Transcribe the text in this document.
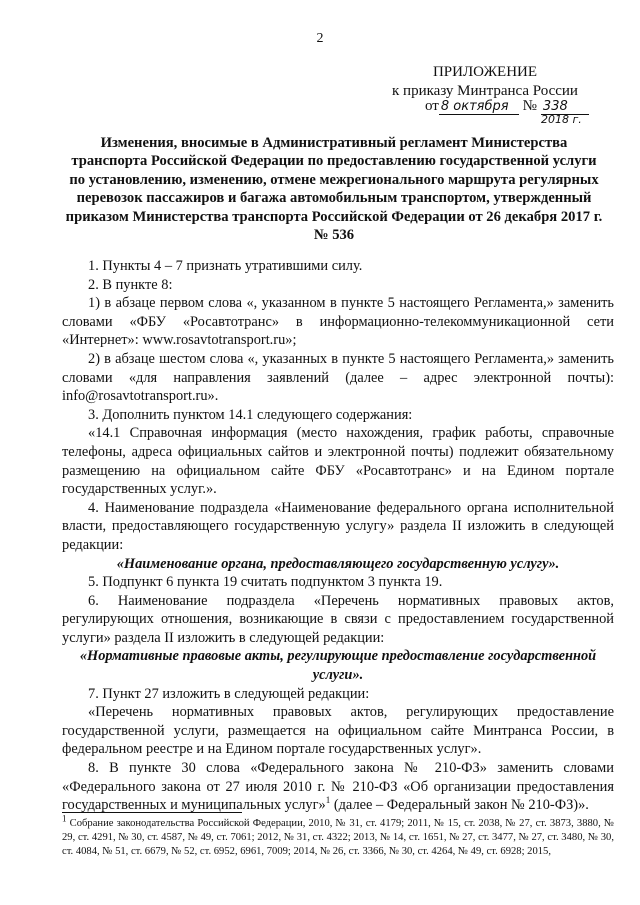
2
ПРИЛОЖЕНИЕ
к приказу Минтранса России
от 8 октября № 338
2018 г.
Изменения, вносимые в Административный регламент Министерства транспорта Российской Федерации по предоставлению государственной услуги по установлению, изменению, отмене межрегионального маршрута регулярных перевозок пассажиров и багажа автомобильным транспортом, утвержденный приказом Министерства транспорта Российской Федерации от 26 декабря 2017 г. № 536

1. Пункты 4 – 7 признать утратившими силу.

2. В пункте 8:

1) в абзаце первом слова «, указанном в пункте 5 настоящего Регламента,» заменить словами «ФБУ «Росавтотранс» в информационно-телекоммуникационной сети «Интернет»: www.rosavtotransport.ru»;

2) в абзаце шестом слова «, указанных в пункте 5 настоящего Регламента,» заменить словами «для направления заявлений (далее – адрес электронной почты): info@rosavtotransport.ru».

3. Дополнить пунктом 14.1 следующего содержания:

«14.1 Справочная информация (место нахождения, график работы, справочные телефоны, адреса официальных сайтов и электронной почты) подлежит обязательному размещению на официальном сайте ФБУ «Росавтотранс» и на Едином портале государственных услуг.».

4. Наименование подраздела «Наименование федерального органа исполнительной власти, предоставляющего государственную услугу» раздела II изложить в следующей редакции:

«Наименование органа, предоставляющего государственную услугу».

5. Подпункт 6 пункта 19 считать подпунктом 3 пункта 19.

6. Наименование подраздела «Перечень нормативных правовых актов, регулирующих отношения, возникающие в связи с предоставлением государственной услуги» раздела II изложить в следующей редакции:

«Нормативные правовые акты, регулирующие предоставление государственной услуги».

7. Пункт 27 изложить в следующей редакции:

«Перечень нормативных правовых актов, регулирующих предоставление государственной услуги, размещается на официальном сайте Минтранса России, в федеральном реестре и на Едином портале государственных услуг».

8. В пункте 30 слова «Федерального закона № 210-ФЗ» заменить словами «Федерального закона от 27 июля 2010 г. № 210-ФЗ «Об организации предоставления государственных и муниципальных услуг»$^1$ (далее – Федеральный закон № 210-ФЗ)».

$^1$ Собрание законодательства Российской Федерации, 2010, № 31, ст. 4179; 2011, № 15, ст. 2038, № 27, ст. 3873, 3880, № 29, ст. 4291, № 30, ст. 4587, № 49, ст. 7061; 2012, № 31, ст. 4322; 2013, № 14, ст. 1651, № 27, ст. 3477, № 27, ст. 3480, № 30, ст. 4084, № 51, ст. 6679, № 52, ст. 6952, 6961, 7009; 2014, № 26, ст. 3366, № 30, ст. 4264, № 49, ст. 6928; 2015,
